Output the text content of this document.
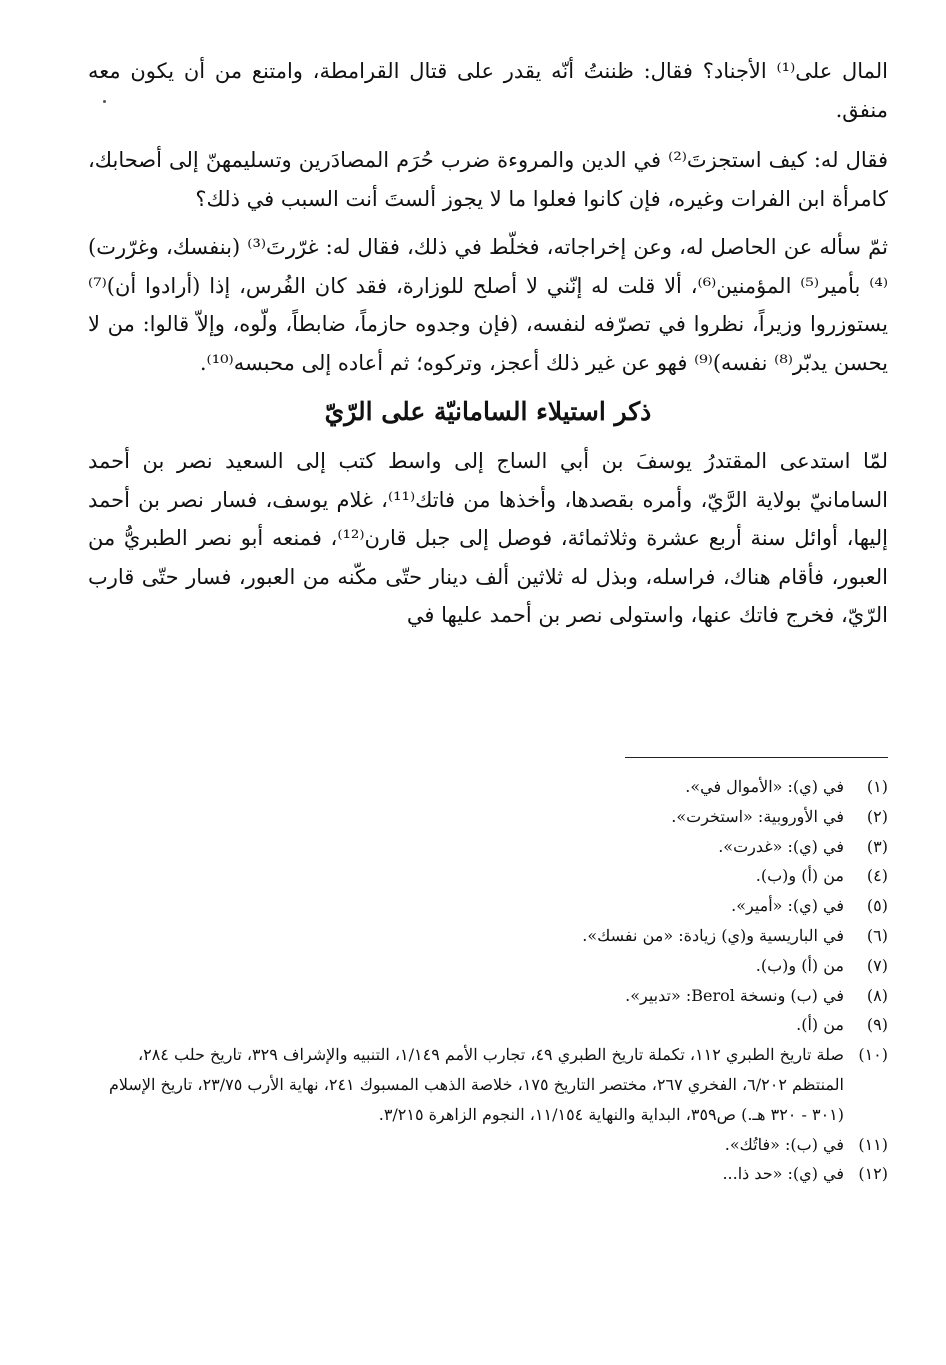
المال على⁽¹⁾ الأجناد؟ فقال: ظننتُ أنّه يقدر على قتال القرامطة، وامتنع من أن يكون معه منفق.

فقال له: كيف استجزتَ⁽²⁾ في الدين والمروءة ضرب حُرَم المصادَرين وتسليمهنّ إلى أصحابك، كامرأة ابن الفرات وغيره، فإن كانوا فعلوا ما لا يجوز ألستَ أنت السبب في ذلك؟

ثمّ سأله عن الحاصل له، وعن إخراجاته، فخلّط في ذلك، فقال له: غرّرتَ⁽³⁾ (بنفسك، وغرّرت)⁽⁴⁾ بأمير⁽⁵⁾ المؤمنين⁽⁶⁾، ألا قلت له إنّني لا أصلح للوزارة، فقد كان الفُرس، إذا (أرادوا أن)⁽⁷⁾ يستوزروا وزيراً، نظروا في تصرّفه لنفسه، (فإن وجدوه حازماً، ضابطاً، ولّوه، وإلاّ قالوا: من لا يحسن يدبّر⁽⁸⁾ نفسه)⁽⁹⁾ فهو عن غير ذلك أعجز، وتركوه؛ ثم أعاده إلى محبسه⁽¹⁰⁾.

ذكر استيلاء السامانيّة على الرّيّ

لمّا استدعى المقتدرُ يوسفَ بن أبي الساج إلى واسط كتب إلى السعيد نصر بن أحمد السامانيّ بولاية الرَّيّ، وأمره بقصدها، وأخذها من فاتك⁽¹¹⁾، غلام يوسف، فسار نصر بن أحمد إليها، أوائل سنة أربع عشرة وثلاثمائة، فوصل إلى جبل قارن⁽¹²⁾، فمنعه أبو نصر الطبريُّ من العبور، فأقام هناك، فراسله، وبذل له ثلاثين ألف دينار حتّى مكّنه من العبور، فسار حتّى قارب الرّيّ، فخرج فاتك عنها، واستولى نصر بن أحمد عليها في

(١)
في (ي): «الأموال في».
(٢)
في الأوروبية: «استخرت».
(٣)
في (ي): «غدرت».
(٤)
من (أ) و(ب).
(٥)
في (ي): «أمير».
(٦)
في الباريسية و(ي) زيادة: «من نفسك».
(٧)
من (أ) و(ب).
(٨)
في (ب) ونسخة Berol: «تدبير».
(٩)
من (أ).
(١٠)
صلة تاريخ الطبري ١١٢، تكملة تاريخ الطبري ٤٩، تجارب الأمم ١/١٤٩، التنبيه والإشراف ٣٢٩، تاريخ حلب ٢٨٤، المنتظم ٦/٢٠٢، الفخري ٢٦٧، مختصر التاريخ ١٧٥، خلاصة الذهب المسبوك ٢٤١، نهاية الأرب ٢٣/٧٥، تاريخ الإسلام (٣٠١ - ٣٢٠ هـ.) ص٣٥٩، البداية والنهاية ١١/١٥٤، النجوم الزاهرة ٣/٢١٥.
(١١)
في (ب): «فاتُك».
(١٢)
في (ي): «حد ذا...
